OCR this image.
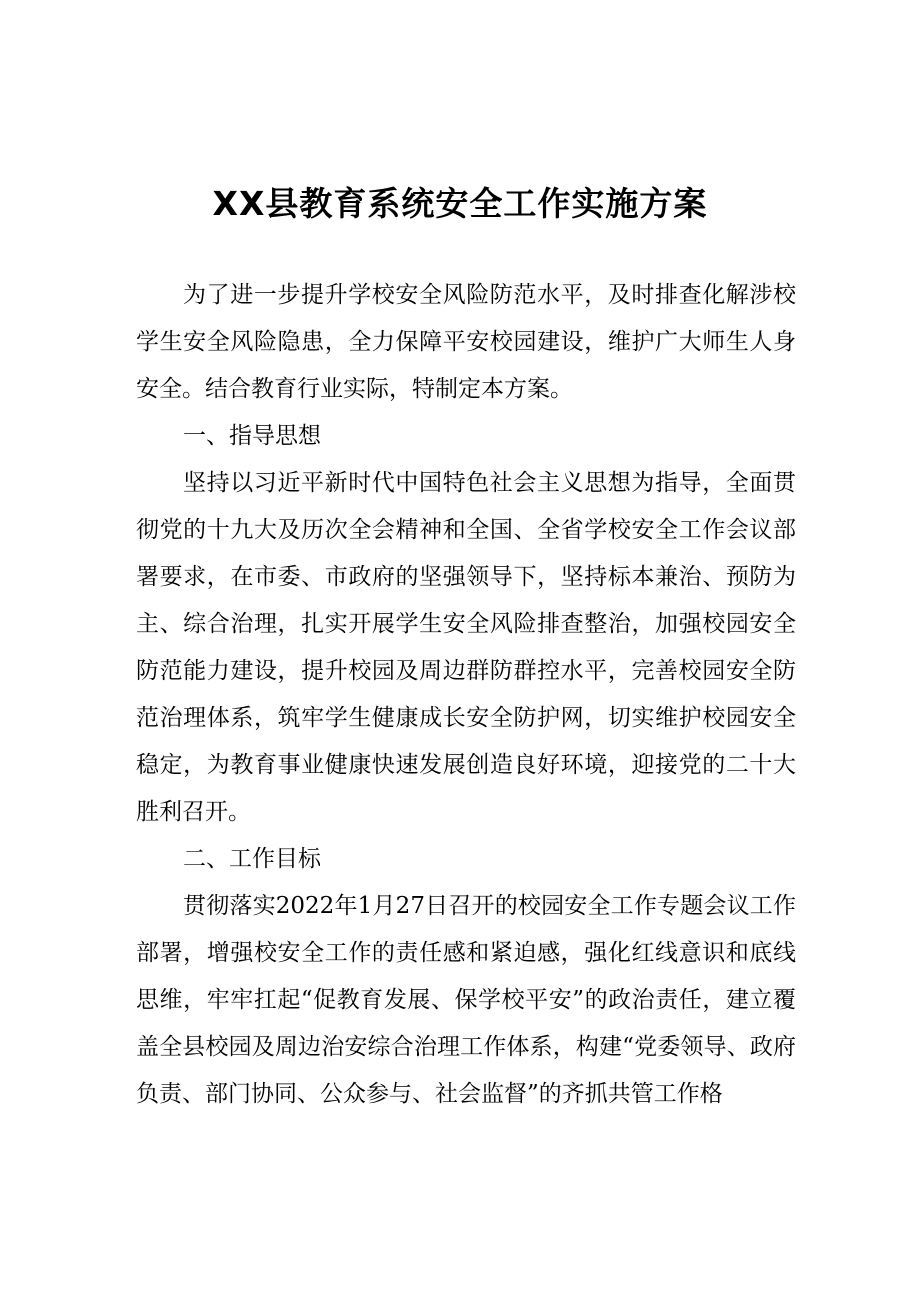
XX县教育系统安全工作实施方案

为了进一步提升学校安全风险防范水平，及时排查化解涉校学生安全风险隐患，全力保障平安校园建设，维护广大师生人身安全。结合教育行业实际，特制定本方案。

一、指导思想

坚持以习近平新时代中国特色社会主义思想为指导，全面贯彻党的十九大及历次全会精神和全国、全省学校安全工作会议部署要求，在市委、市政府的坚强领导下，坚持标本兼治、预防为主、综合治理，扎实开展学生安全风险排查整治，加强校园安全防范能力建设，提升校园及周边群防群控水平，完善校园安全防范治理体系，筑牢学生健康成长安全防护网，切实维护校园安全稳定，为教育事业健康快速发展创造良好环境，迎接党的二十大胜利召开。

二、工作目标

贯彻落实2022年1月27日召开的校园安全工作专题会议工作部署，增强校安全工作的责任感和紧迫感，强化红线意识和底线思维，牢牢扛起“促教育发展、保学校平安”的政治责任，建立覆盖全县校园及周边治安综合治理工作体系，构建“党委领导、政府负责、部门协同、公众参与、社会监督”的齐抓共管工作格
